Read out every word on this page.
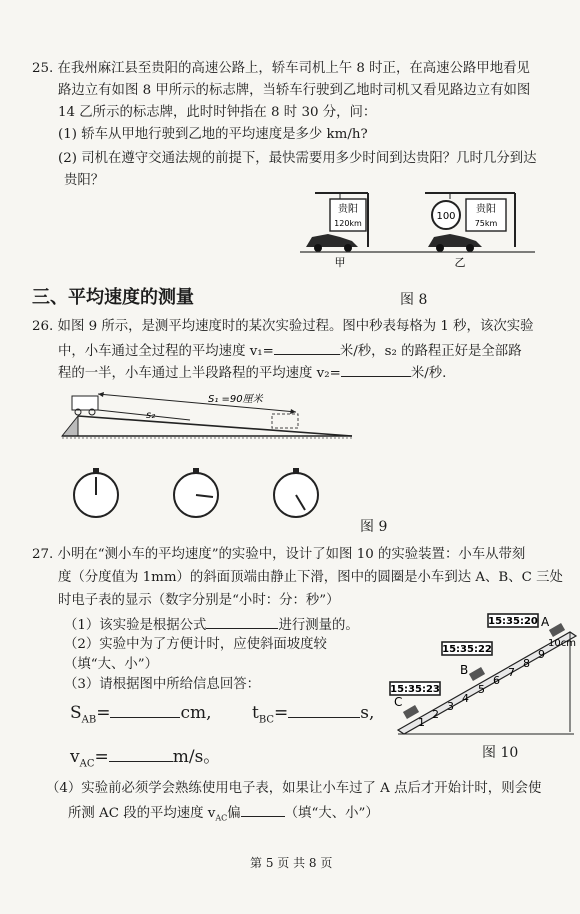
25. 在我州麻江县至贵阳的高速公路上，轿车司机上午 8 时正，在高速公路甲地看见
路边立有如图 8 甲所示的标志牌，当轿车行驶到乙地时司机又看见路边立有如图
14 乙所示的标志牌，此时时钟指在 8 时 30 分，问：
(1) 轿车从甲地行驶到乙地的平均速度是多少 km/h?
(2) 司机在遵守交通法规的前提下，最快需要用多少时间到达贵阳？几时几分到达
贵阳？
贵阳
120km
100
贵阳
75km
甲	乙
图 8
三、平均速度的测量
26. 如图 9 所示，是测平均速度时的某次实验过程。图中秒表每格为 1 秒，该次实验
中，小车通过全过程的平均速度 v₁=	米/秒，s₂ 的路程正好是全部路
程的一半，小车通过上半段路程的平均速度 v₂=	米/秒.
S₁ =90厘米
s₂
图 9
27. 小明在“测小车的平均速度”的实验中，设计了如图 10 的实验装置：小车从带刻
度（分度值为 1mm）的斜面顶端由静止下滑，图中的圆圈是小车到达 A、B、C 三处
时电子表的显示（数字分别是“小时：分：秒”）
（1）该实验是根据公式	进行测量的。
（2）实验中为了方便计时，应使斜面坡度较
（填“大、小”）
（3）请根据图中所给信息回答：
$S_{AB}=$	cm, $t_{BC}=$	s,
$v_{AC}=$	m/s。
1
2
3
4
5
6
7
8
9
10cm
A
B
C
15:35:20
15:35:22
15:35:23
图 10
（4）实验前必须学会熟练使用电子表，如果让小车过了 A 点后才开始计时，则会使
所测 AC 段的平均速度 $v_{AC}$偏	（填“大、小”）
第 5 页 共 8 页
